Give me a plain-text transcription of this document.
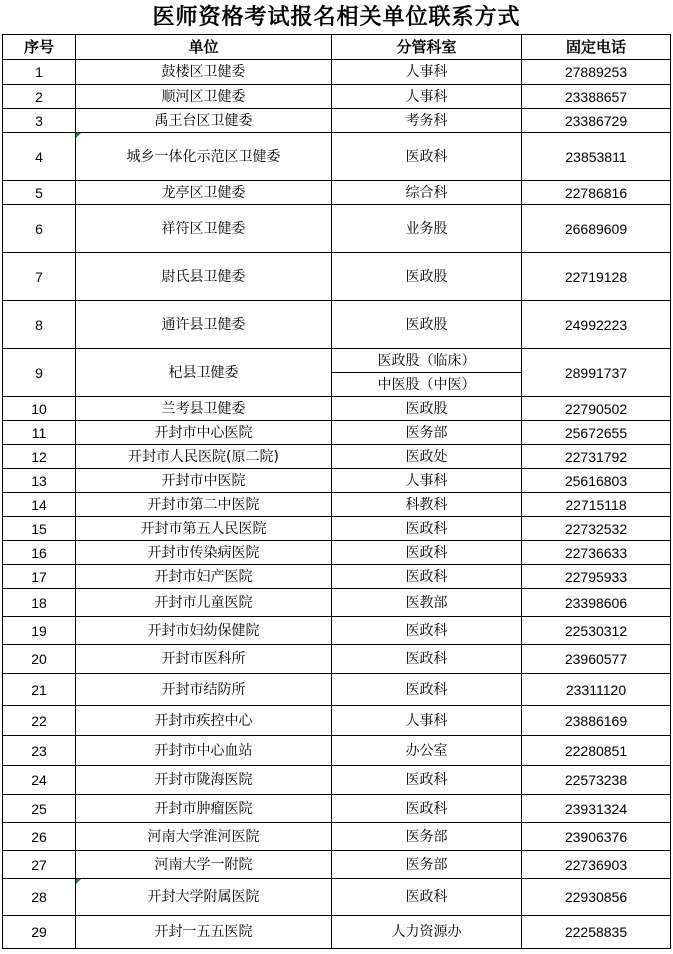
医师资格考试报名相关单位联系方式
序号	单位	分管科室	固定电话
1	鼓楼区卫健委	人事科	27889253
2	顺河区卫健委	人事科	23388657
3	禹王台区卫健委	考务科	23386729
4	城乡一体化示范区卫健委	医政科	23853811
5	龙亭区卫健委	综合科	22786816
6	祥符区卫健委	业务股	26689609
7	尉氏县卫健委	医政股	22719128
8	通许县卫健委	医政股	24992223
9	杞县卫健委	医政股（临床）	28991737
		中医股（中医）	
10	兰考县卫健委	医政股	22790502
11	开封市中心医院	医务部	25672655
12	开封市人民医院(原二院)	医政处	22731792
13	开封市中医院	人事科	25616803
14	开封市第二中医院	科教科	22715118
15	开封市第五人民医院	医政科	22732532
16	开封市传染病医院	医政科	22736633
17	开封市妇产医院	医政科	22795933
18	开封市儿童医院	医教部	23398606
19	开封市妇幼保健院	医政科	22530312
20	开封市医科所	医政科	23960577
21	开封市结防所	医政科	23311120
22	开封市疾控中心	人事科	23886169
23	开封市中心血站	办公室	22280851
24	开封市陇海医院	医政科	22573238
25	开封市肿瘤医院	医政科	23931324
26	河南大学淮河医院	医务部	23906376
27	河南大学一附院	医务部	22736903
28	开封大学附属医院	医政科	22930856
29	开封一五五医院	人力资源办	22258835
